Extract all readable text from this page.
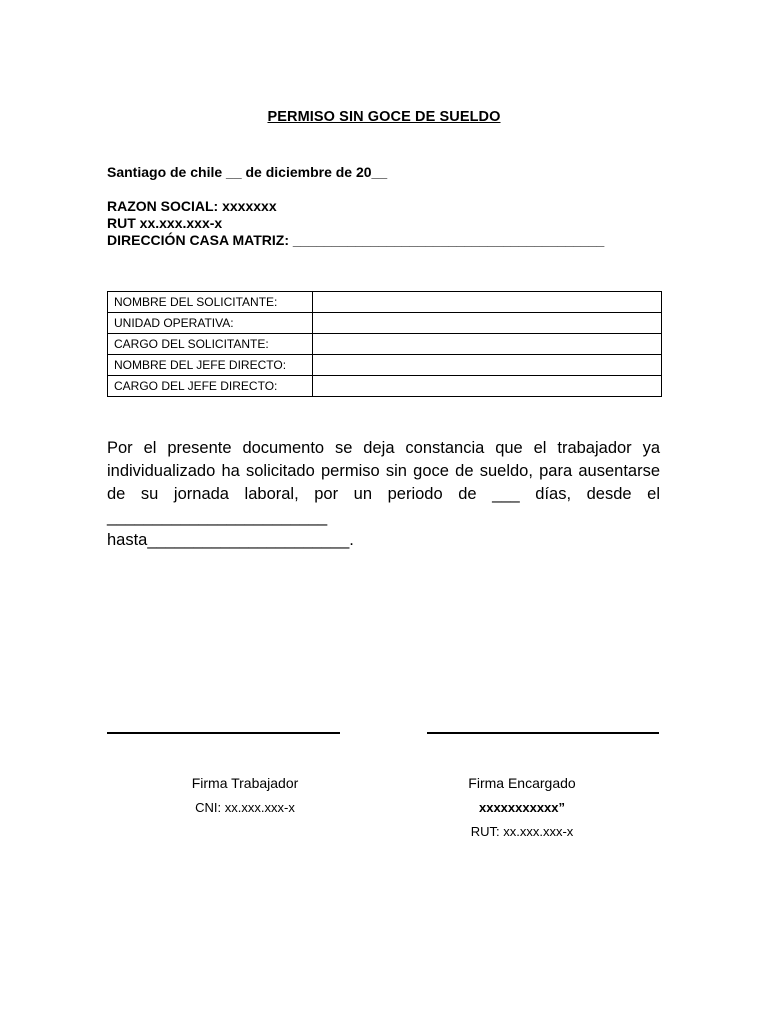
PERMISO SIN GOCE DE SUELDO
Santiago de chile __ de diciembre de 20__
RAZON SOCIAL: xxxxxxx
RUT xx.xxx.xxx-x
DIRECCIÓN CASA MATRIZ: ________________________________________
NOMBRE DEL SOLICITANTE:	
UNIDAD OPERATIVA:	
CARGO DEL SOLICITANTE:	
NOMBRE DEL JEFE DIRECTO:	
CARGO DEL JEFE DIRECTO:	
Por el presente documento se deja constancia que el trabajador ya individualizado ha solicitado permiso sin goce de sueldo, para ausentarse de su jornada laboral, por un periodo de ___ días, desde el ________________________
hasta______________________.
Firma Trabajador
CNI: xx.xxx.xxx-x
Firma Encargado
xxxxxxxxxxx”
RUT: xx.xxx.xxx-x
